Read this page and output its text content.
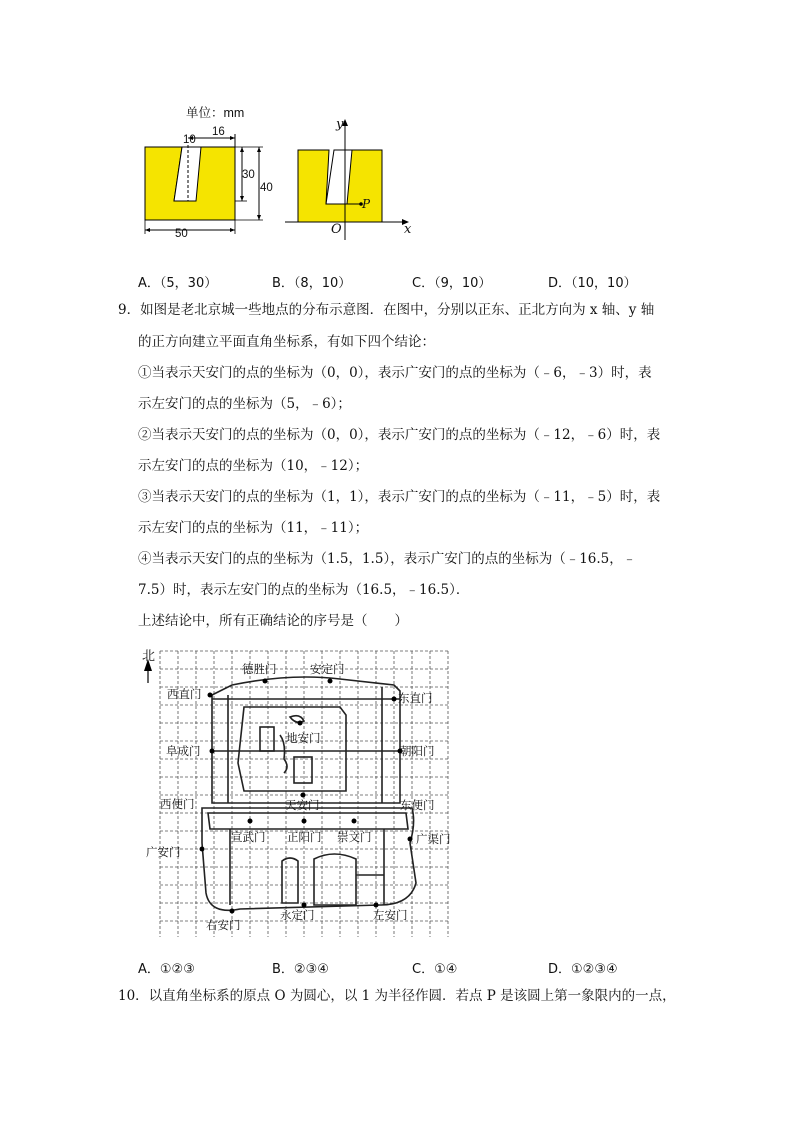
单位：mm
10
16
30
40
50
y
x
O
P
A．（5，30）	B．（8，10）	C．（9，10）	D．（10，10）
9．如图是老北京城一些地点的分布示意图．在图中，分别以正东、正北方向为 x 轴、y 轴
的正方向建立平面直角坐标系，有如下四个结论：
①当表示天安门的点的坐标为（0，0），表示广安门的点的坐标为（﹣6，﹣3）时，表
示左安门的点的坐标为（5，﹣6）；
②当表示天安门的点的坐标为（0，0），表示广安门的点的坐标为（﹣12，﹣6）时，表
示左安门的点的坐标为（10，﹣12）；
③当表示天安门的点的坐标为（1，1），表示广安门的点的坐标为（﹣11，﹣5）时，表
示左安门的点的坐标为（11，﹣11）；
④当表示天安门的点的坐标为（1.5，1.5），表示广安门的点的坐标为（﹣16.5，﹣
7.5）时，表示左安门的点的坐标为（16.5，﹣16.5）．
上述结论中，所有正确结论的序号是（　　）
北
德胜门	安定门
西直门	东直门
地安门
阜成门	朝阳门
西便门	天安门	东便门
宣武门 正阳门 崇文门	广渠门
广安门
永定门	左安门
右安门
A．①②③	B．②③④	C．①④	D．①②③④
10．以直角坐标系的原点 O 为圆心，以 1 为半径作圆．若点 P 是该圆上第一象限内的一点，
